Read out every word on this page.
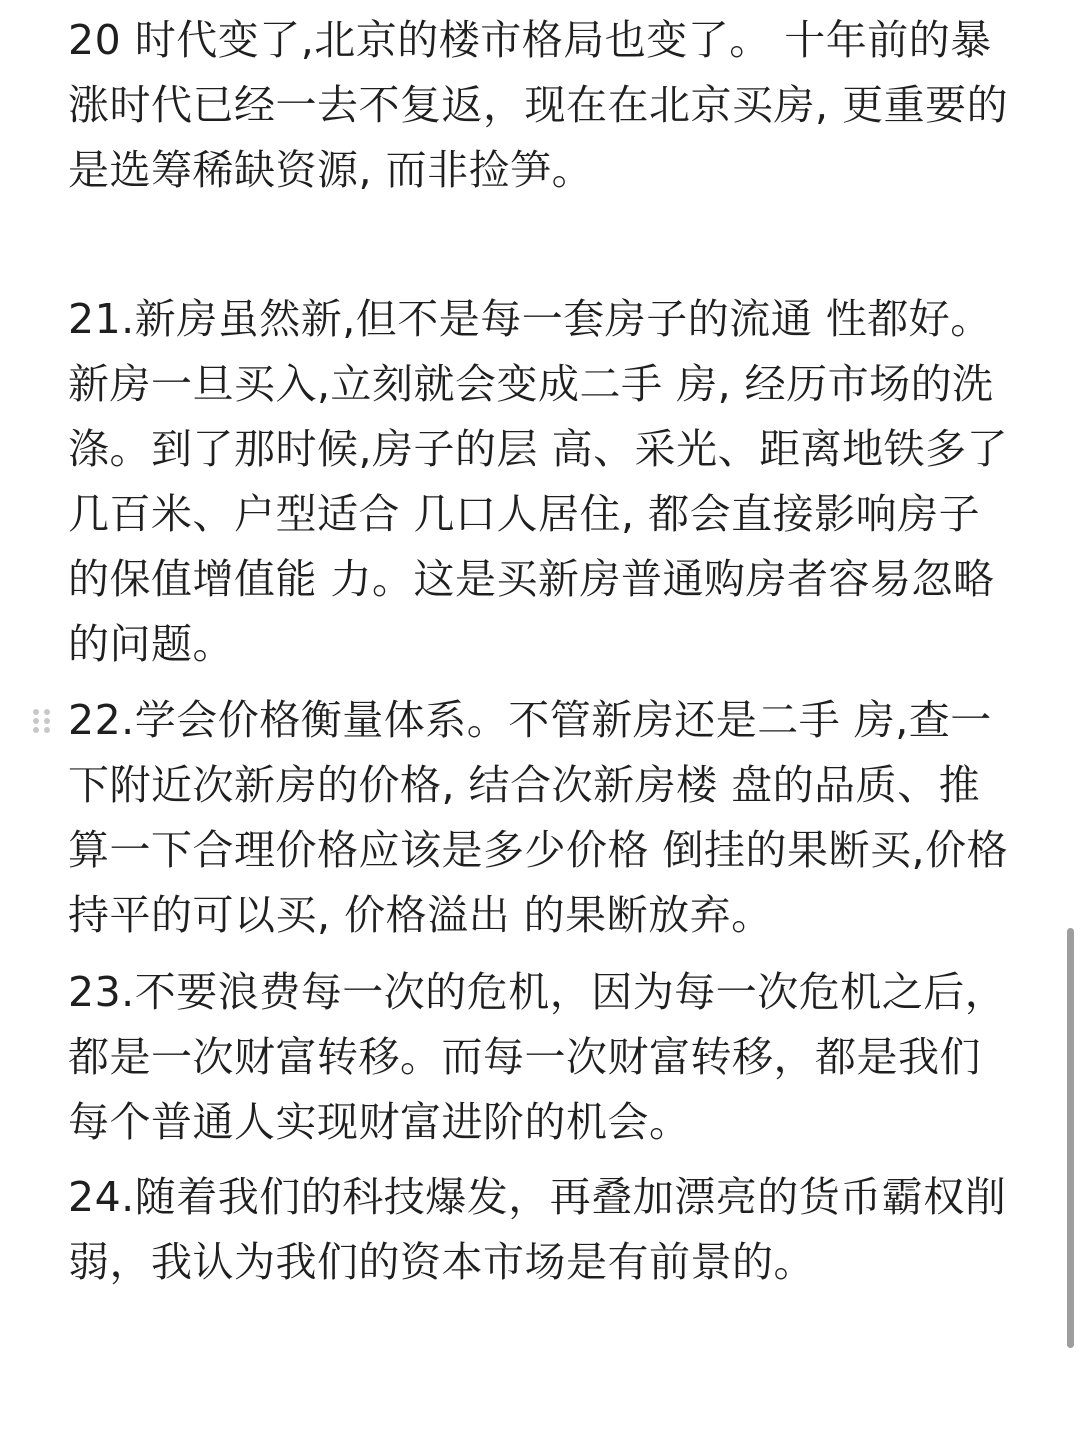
20 时代变了,北京的楼市格局也变了。 十年前的暴
涨时代已经一去不复返，现在在北京买房, 更重要的
是选筹稀缺资源, 而非捡笋。
21.新房虽然新,但不是每一套房子的流通 性都好。
新房一旦买入,立刻就会变成二手 房, 经历市场的洗
涤。到了那时候,房子的层 高、采光、距离地铁多了
几百米、户型适合 几口人居住, 都会直接影响房子
的保值增值能 力。这是买新房普通购房者容易忽略
的问题。
22.学会价格衡量体系。不管新房还是二手 房,查一
下附近次新房的价格, 结合次新房楼 盘的品质、推
算一下合理价格应该是多少价格 倒挂的果断买,价格
持平的可以买, 价格溢出 的果断放弃。
23.不要浪费每一次的危机，因为每一次危机之后，
都是一次财富转移。而每一次财富转移，都是我们
每个普通人实现财富进阶的机会。
24.随着我们的科技爆发，再叠加漂亮的货币霸权削
弱，我认为我们的资本市场是有前景的。
